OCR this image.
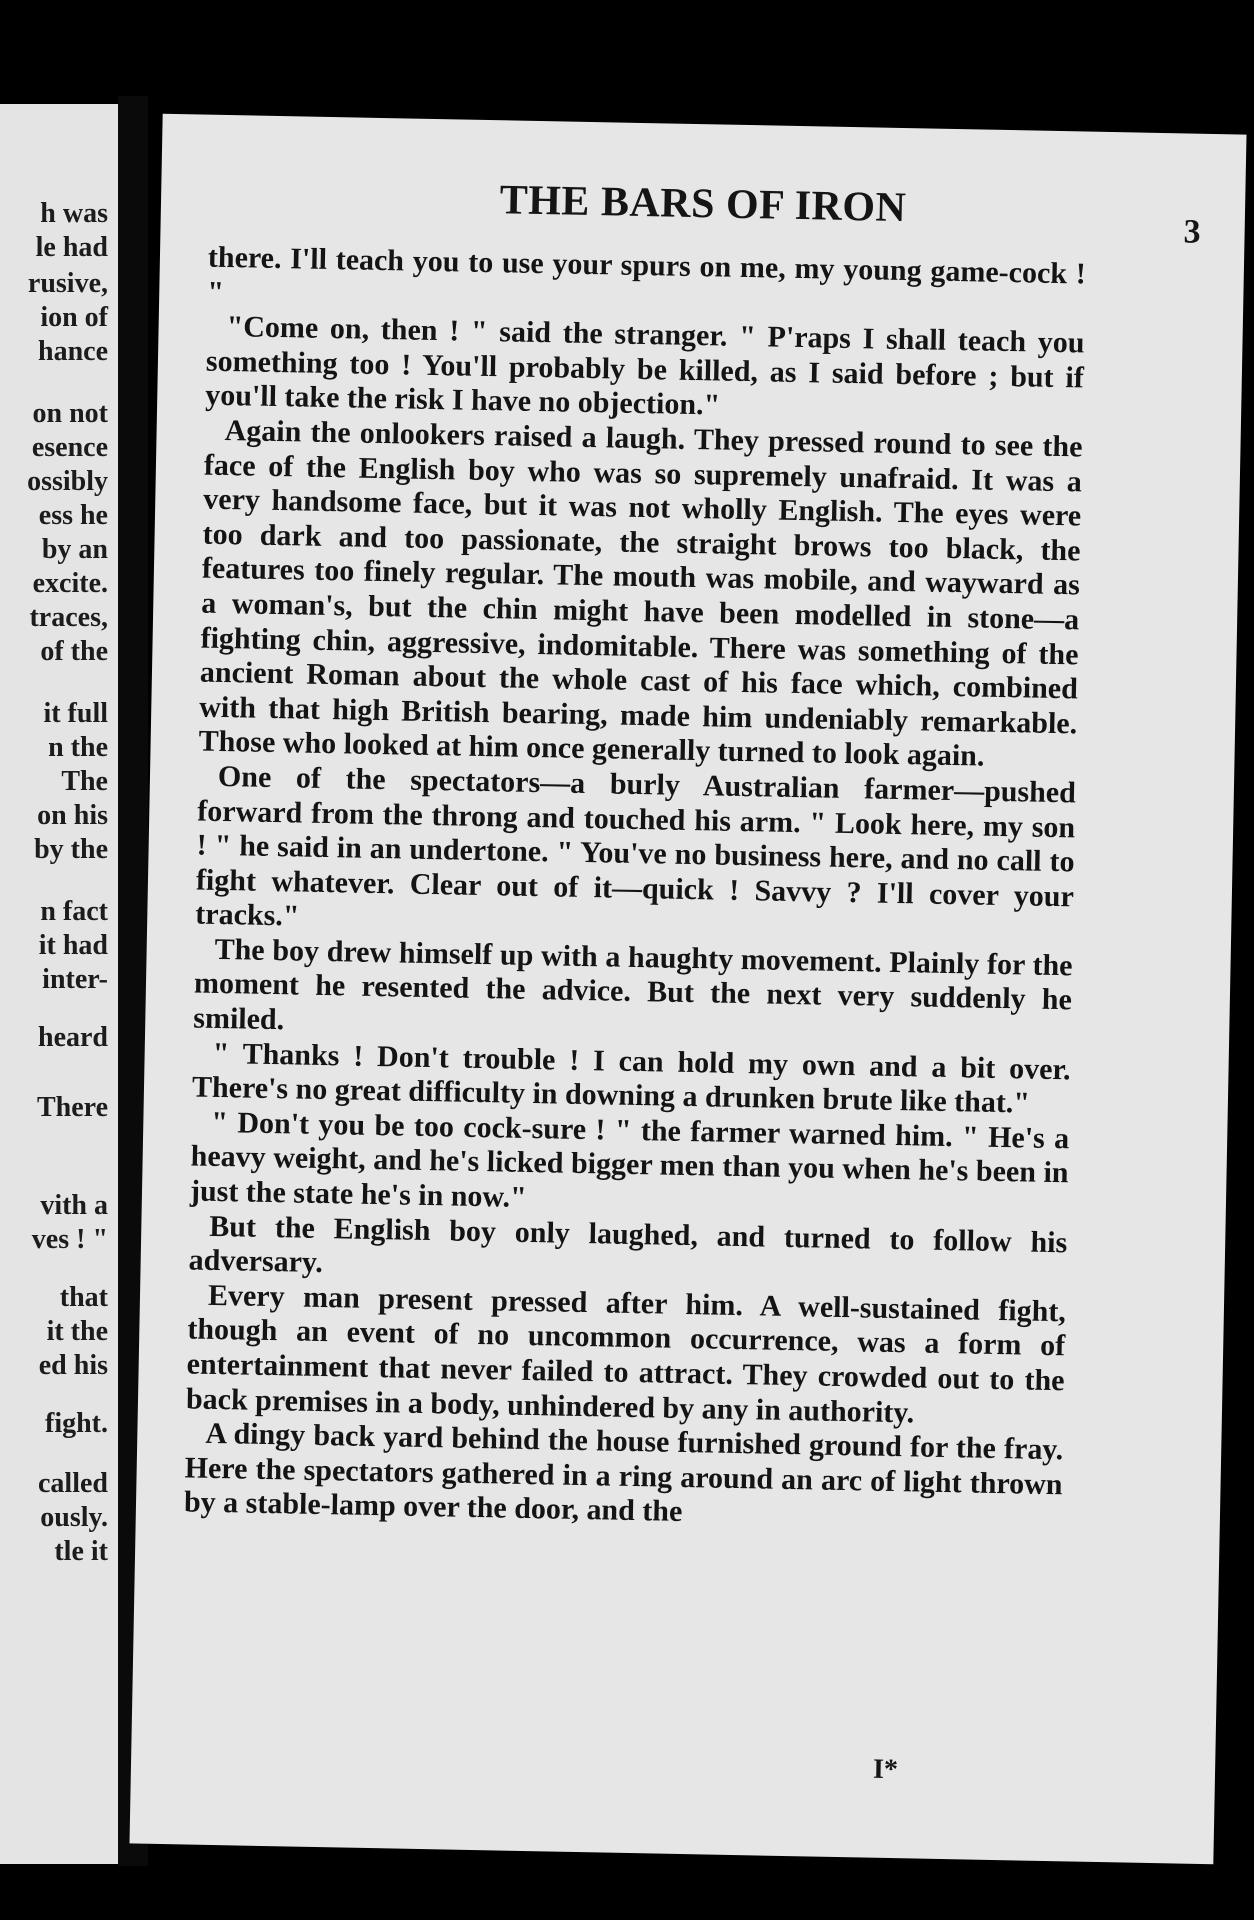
h was
le had
rusive,
ion of
hance
on not
esence
ossibly
ess he
by an
excite.
traces,
of the
it full
n the
The
on his
by the
n fact
it had
inter-
heard
There
vith a
ves ! "
that
it the
ed his
fight.
called
ously.
tle it
THE BARS OF IRON
3

there. I'll teach you to use your spurs on me, my young game-cock ! "

"Come on, then ! " said the stranger. " P'raps I shall teach you something too ! You'll probably be killed, as I said before ; but if you'll take the risk I have no objection."

Again the onlookers raised a laugh. They pressed round to see the face of the English boy who was so supremely unafraid. It was a very handsome face, but it was not wholly English. The eyes were too dark and too passionate, the straight brows too black, the features too finely regular. The mouth was mobile, and wayward as a woman's, but the chin might have been modelled in stone—a fighting chin, aggressive, indomitable. There was something of the ancient Roman about the whole cast of his face which, combined with that high British bearing, made him undeniably remarkable. Those who looked at him once generally turned to look again.

One of the spectators—a burly Australian farmer—pushed forward from the throng and touched his arm. " Look here, my son ! " he said in an undertone. " You've no business here, and no call to fight whatever. Clear out of it—quick ! Savvy ? I'll cover your tracks."

The boy drew himself up with a haughty movement. Plainly for the moment he resented the advice. But the next very suddenly he smiled.

" Thanks ! Don't trouble ! I can hold my own and a bit over. There's no great difficulty in downing a drunken brute like that."

" Don't you be too cock-sure ! " the farmer warned him. " He's a heavy weight, and he's licked bigger men than you when he's been in just the state he's in now."

But the English boy only laughed, and turned to follow his adversary.

Every man present pressed after him. A well-sustained fight, though an event of no uncommon occurrence, was a form of entertainment that never failed to attract. They crowded out to the back premises in a body, unhindered by any in authority.

A dingy back yard behind the house furnished ground for the fray. Here the spectators gathered in a ring around an arc of light thrown by a stable-lamp over the door, and the

I*
